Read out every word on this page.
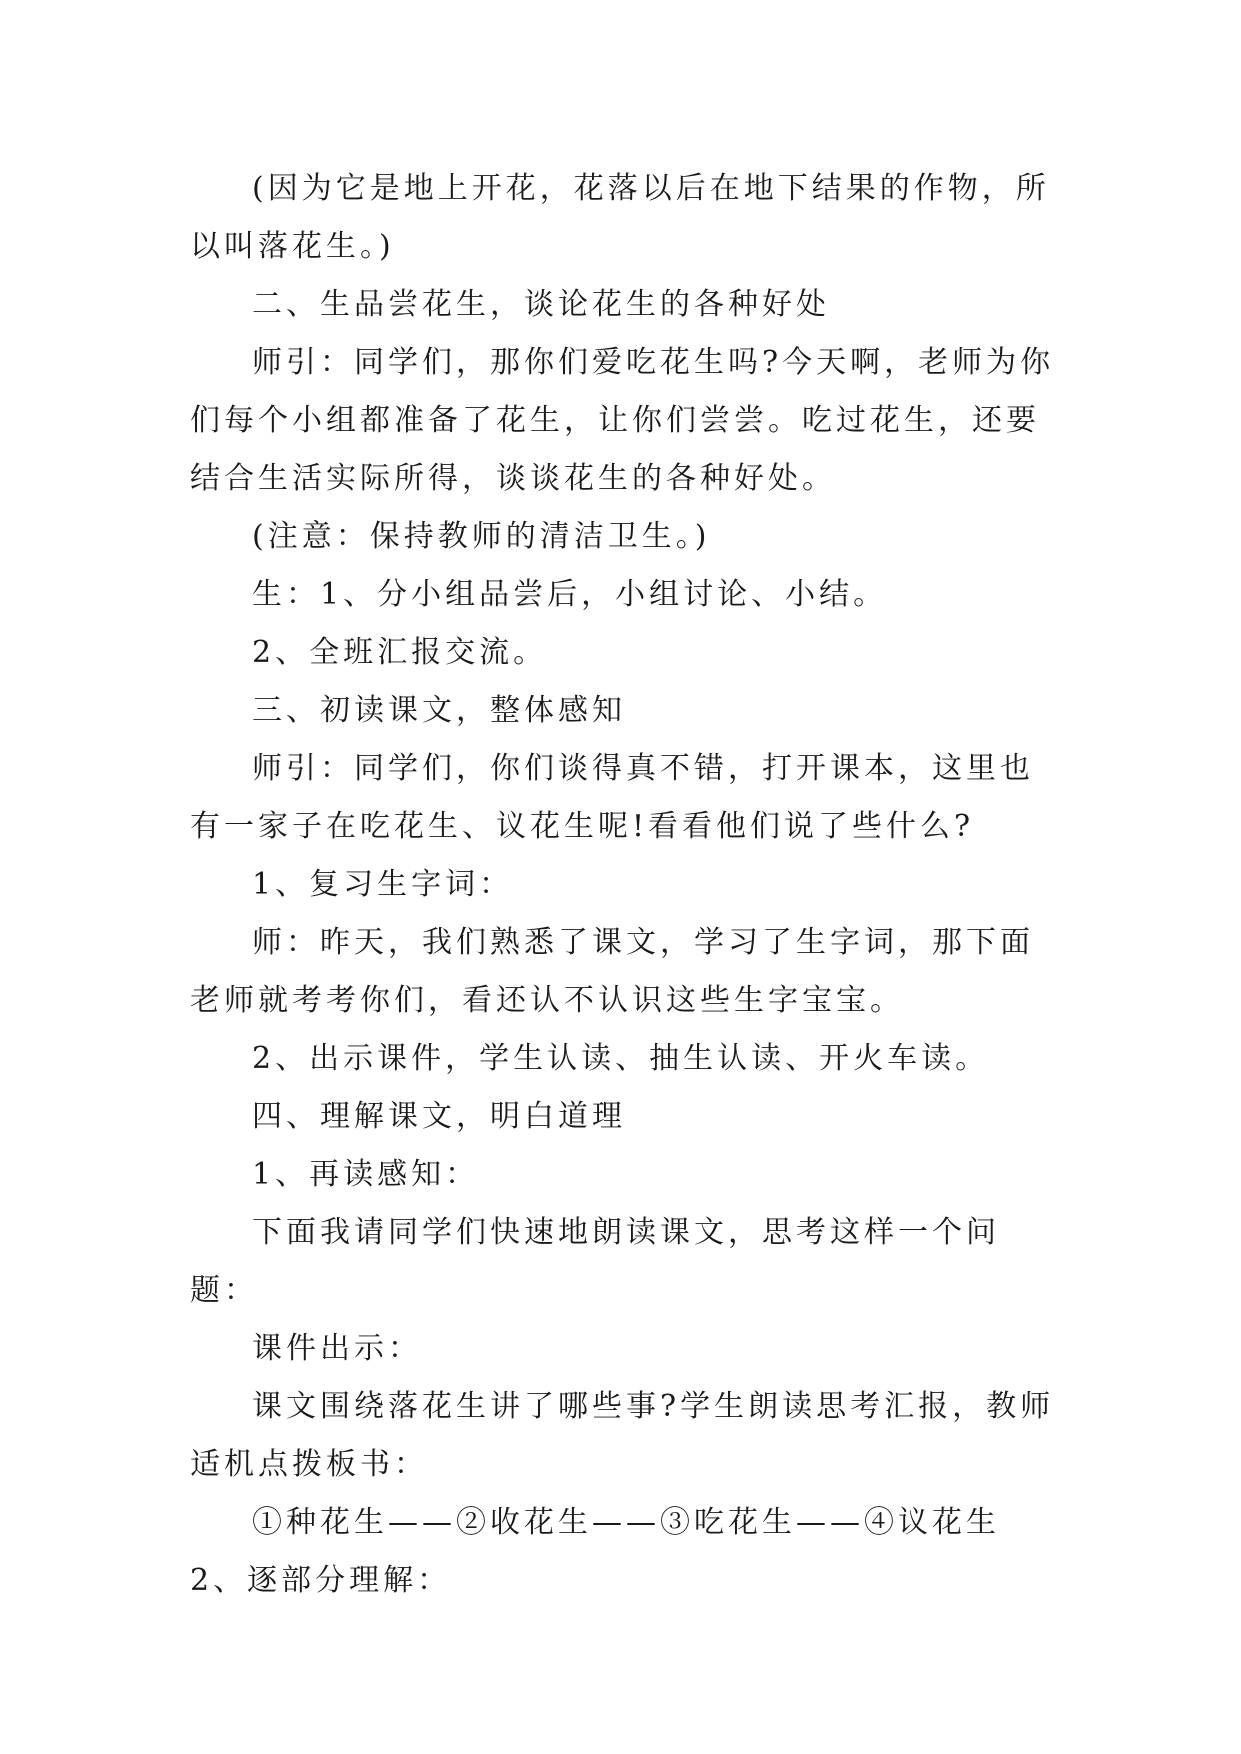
(因为它是地上开花，花落以后在地下结果的作物，所以叫落花生。)

二、生品尝花生，谈论花生的各种好处

师引：同学们，那你们爱吃花生吗?今天啊，老师为你们每个小组都准备了花生，让你们尝尝。吃过花生，还要结合生活实际所得，谈谈花生的各种好处。

(注意：保持教师的清洁卫生。)

生：1、分小组品尝后，小组讨论、小结。

2、全班汇报交流。

三、初读课文，整体感知

师引：同学们，你们谈得真不错，打开课本，这里也有一家子在吃花生、议花生呢!看看他们说了些什么?

1、复习生字词：

师：昨天，我们熟悉了课文，学习了生字词，那下面老师就考考你们，看还认不认识这些生字宝宝。

2、出示课件，学生认读、抽生认读、开火车读。

四、理解课文，明白道理

1、再读感知：

下面我请同学们快速地朗读课文，思考这样一个问题：

课件出示：

课文围绕落花生讲了哪些事?学生朗读思考汇报，教师适机点拨板书：

①种花生——②收花生——③吃花生——④议花生 2、逐部分理解：
